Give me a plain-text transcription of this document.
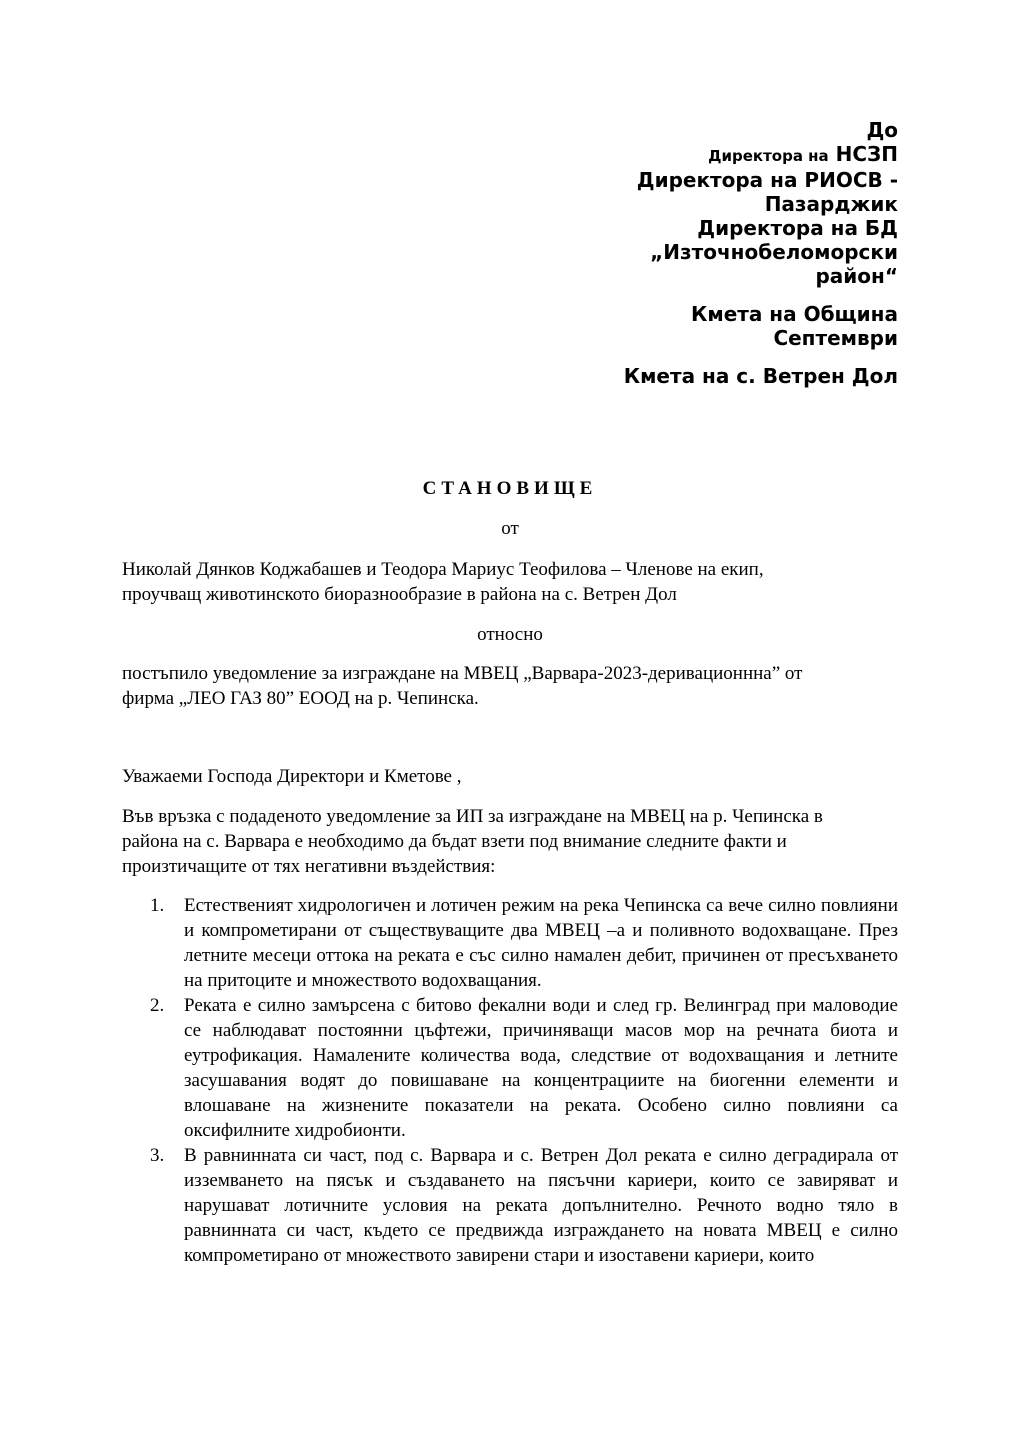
До
Директора на НСЗП
Директора на РИОСВ -
Пазарджик
Директора на БД
„Източнобеломорски
район“
Кмета на Община
Септември
Кмета на с. Ветрен Дол
СТАНОВИЩЕ
от
Николай Дянков Коджабашев и Теодора Мариус Теофилова – Членове на екип,
проучващ животинското биоразнообразие в района на с. Ветрен Дол
относно
постъпило уведомление за изграждане на МВЕЦ „Варвара-2023-деривационнна” от
фирма „ЛЕО ГАЗ 80” ЕООД на р. Чепинска.
Уважаеми Господа Директори и Кметове ,
Във връзка с подаденото уведомление за ИП за изграждане на МВЕЦ на р. Чепинска в
района на с. Варвара е необходимо да бъдат взети под внимание следните факти и
произтичащите от тях негативни въздействия:
1. Естественият хидрологичен и лотичен режим на река Чепинска са вече силно повлияни и компрометирани от съществуващите два МВЕЦ –а и поливното водохващане. През летните месеци оттока на реката е със силно намален дебит, причинен от пресъхването на притоците и множеството водохващания.
2. Реката е силно замърсена с битово фекални води и след гр. Велинград при маловодие се наблюдават постоянни цъфтежи, причиняващи масов мор на речната биота и еутрофикация. Намалените количества вода, следствие от водохващания и летните засушавания водят до повишаване на концентрациите на биогенни елементи и влошаване на жизнените показатели на реката. Особено силно повлияни са оксифилните хидробионти.
3. В равнинната си част, под с. Варвара и с. Ветрен Дол реката е силно деградирала от изземването на пясък и създаването на пясъчни кариери, които се завиряват и нарушават лотичните условия на реката допълнително. Речното водно тяло в равнинната си част, където се предвижда изграждането на новата МВЕЦ е силно компрометирано от множеството завирени стари и изоставени кариери, които
